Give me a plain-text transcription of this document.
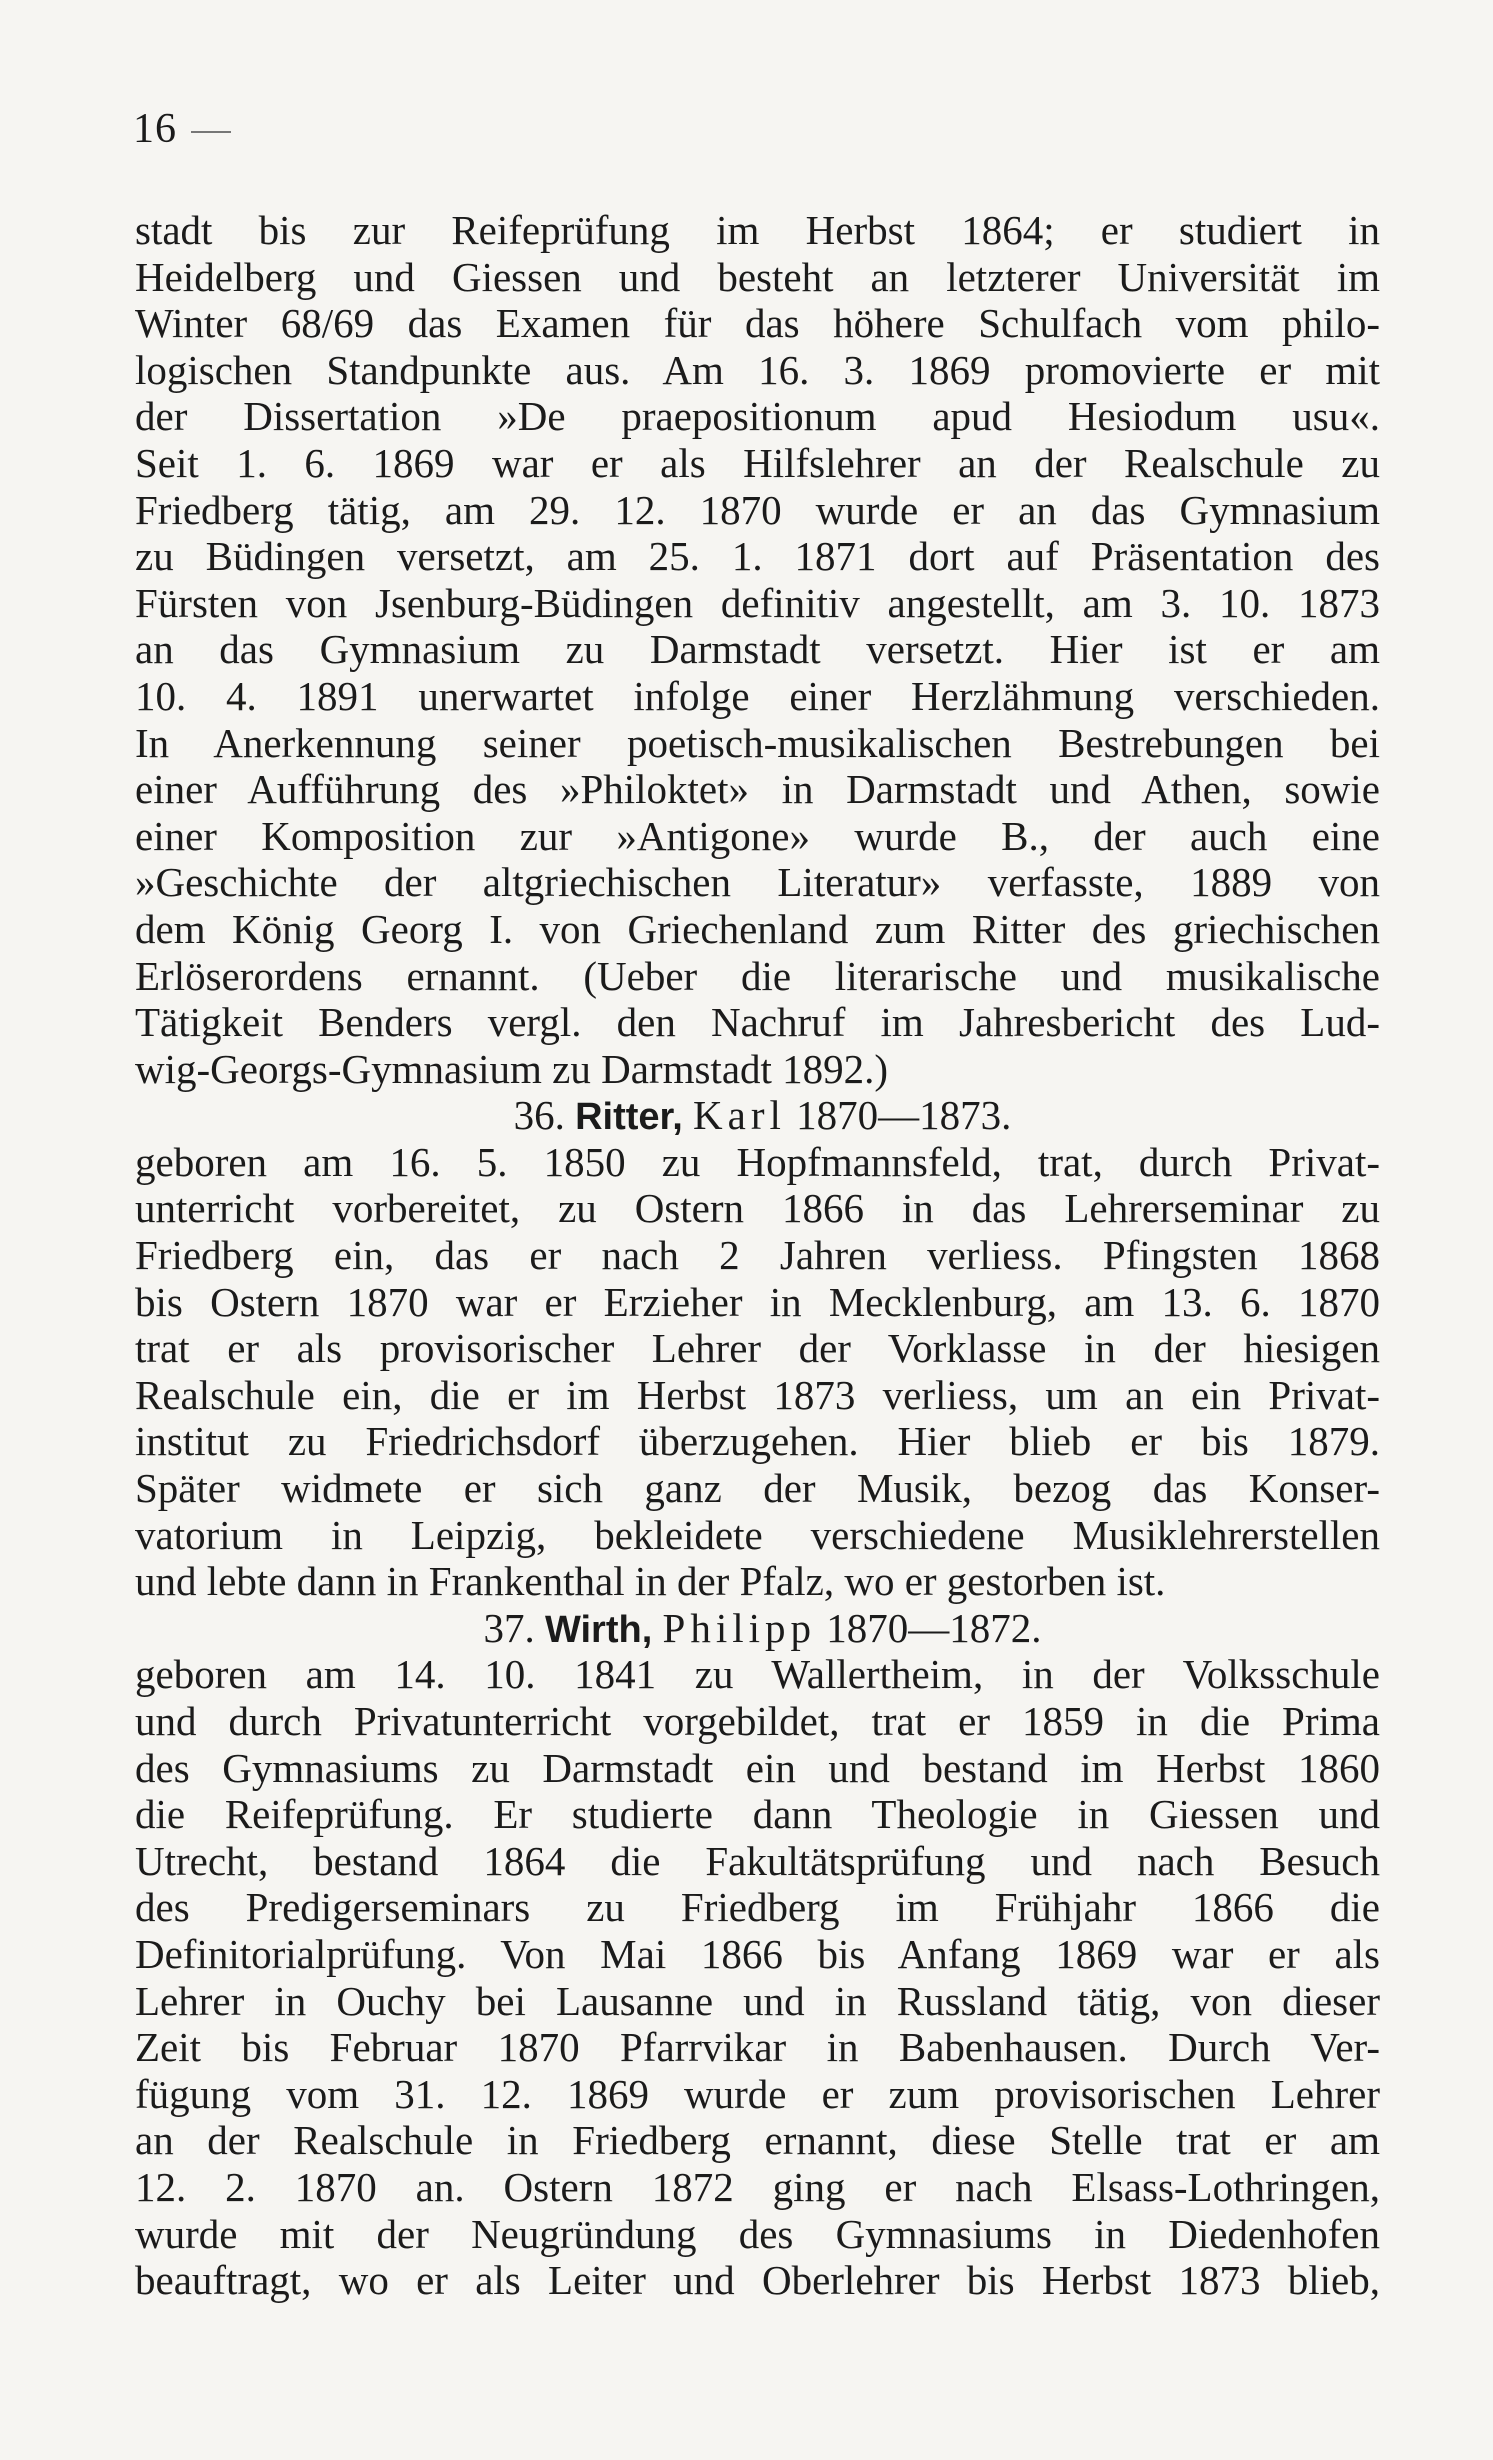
16
stadt bis zur Reifeprüfung im Herbst 1864; er studiert in
Heidelberg und Giessen und besteht an letzterer Universität im
Winter 68/69 das Examen für das höhere Schulfach vom philo-
logischen Standpunkte aus. Am 16. 3. 1869 promovierte er mit
der Dissertation »De praepositionum apud Hesiodum usu«.
Seit 1. 6. 1869 war er als Hilfslehrer an der Realschule zu
Friedberg tätig, am 29. 12. 1870 wurde er an das Gymnasium
zu Büdingen versetzt, am 25. 1. 1871 dort auf Präsentation des
Fürsten von Jsenburg-Büdingen definitiv angestellt, am 3. 10. 1873
an das Gymnasium zu Darmstadt versetzt. Hier ist er am
10. 4. 1891 unerwartet infolge einer Herzlähmung verschieden.
In Anerkennung seiner poetisch-musikalischen Bestrebungen bei
einer Aufführung des »Philoktet» in Darmstadt und Athen, sowie
einer Komposition zur »Antigone» wurde B., der auch eine
»Geschichte der altgriechischen Literatur» verfasste, 1889 von
dem König Georg I. von Griechenland zum Ritter des griechischen
Erlöserordens ernannt. (Ueber die literarische und musikalische
Tätigkeit Benders vergl. den Nachruf im Jahresbericht des Lud-
wig-Georgs-Gymnasium zu Darmstadt 1892.)
36. Ritter, Karl 1870—1873.
geboren am 16. 5. 1850 zu Hopfmannsfeld, trat, durch Privat-
unterricht vorbereitet, zu Ostern 1866 in das Lehrerseminar zu
Friedberg ein, das er nach 2 Jahren verliess. Pfingsten 1868
bis Ostern 1870 war er Erzieher in Mecklenburg, am 13. 6. 1870
trat er als provisorischer Lehrer der Vorklasse in der hiesigen
Realschule ein, die er im Herbst 1873 verliess, um an ein Privat-
institut zu Friedrichsdorf überzugehen. Hier blieb er bis 1879.
Später widmete er sich ganz der Musik, bezog das Konser-
vatorium in Leipzig, bekleidete verschiedene Musiklehrerstellen
und lebte dann in Frankenthal in der Pfalz, wo er gestorben ist.
37. Wirth, Philipp 1870—1872.
geboren am 14. 10. 1841 zu Wallertheim, in der Volksschule
und durch Privatunterricht vorgebildet, trat er 1859 in die Prima
des Gymnasiums zu Darmstadt ein und bestand im Herbst 1860
die Reifeprüfung. Er studierte dann Theologie in Giessen und
Utrecht, bestand 1864 die Fakultätsprüfung und nach Besuch
des Predigerseminars zu Friedberg im Frühjahr 1866 die
Definitorialprüfung. Von Mai 1866 bis Anfang 1869 war er als
Lehrer in Ouchy bei Lausanne und in Russland tätig, von dieser
Zeit bis Februar 1870 Pfarrvikar in Babenhausen. Durch Ver-
fügung vom 31. 12. 1869 wurde er zum provisorischen Lehrer
an der Realschule in Friedberg ernannt, diese Stelle trat er am
12. 2. 1870 an. Ostern 1872 ging er nach Elsass-Lothringen,
wurde mit der Neugründung des Gymnasiums in Diedenhofen
beauftragt, wo er als Leiter und Oberlehrer bis Herbst 1873 blieb,
